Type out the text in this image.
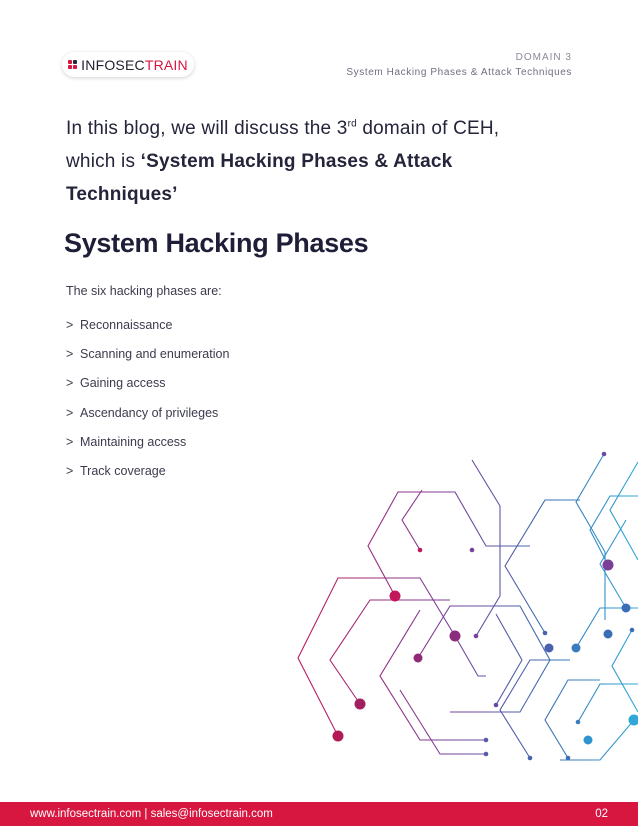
INFOSEC TRAIN	DOMAIN 3
System Hacking Phases & Attack Techniques
In this blog, we will discuss the 3rd domain of CEH,
which is ‘System Hacking Phases & Attack
Techniques’
System Hacking Phases
The six hacking phases are:
> Reconnaissance
> Scanning and enumeration
> Gaining access
> Ascendancy of privileges
> Maintaining access
> Track coverage
www.infosectrain.com | sales@infosectrain.com	02
